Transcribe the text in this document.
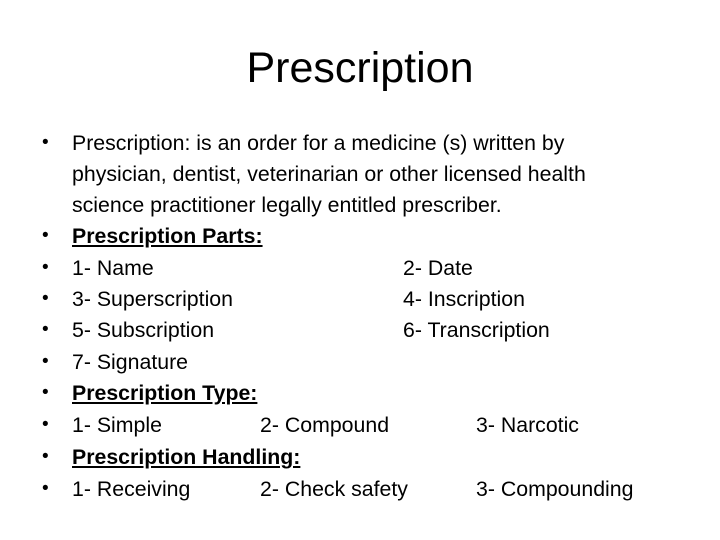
Prescription
• Prescription: is an order for a medicine (s) written by
physician, dentist, veterinarian or other licensed health
science practitioner legally entitled prescriber.
• Prescription Parts:
• 1- Name	2- Date
• 3- Superscription	4- Inscription
• 5- Subscription	6- Transcription
• 7- Signature
• Prescription Type:
• 1- Simple	2- Compound	3- Narcotic
• Prescription Handling:
• 1- Receiving	2- Check safety	3- Compounding
